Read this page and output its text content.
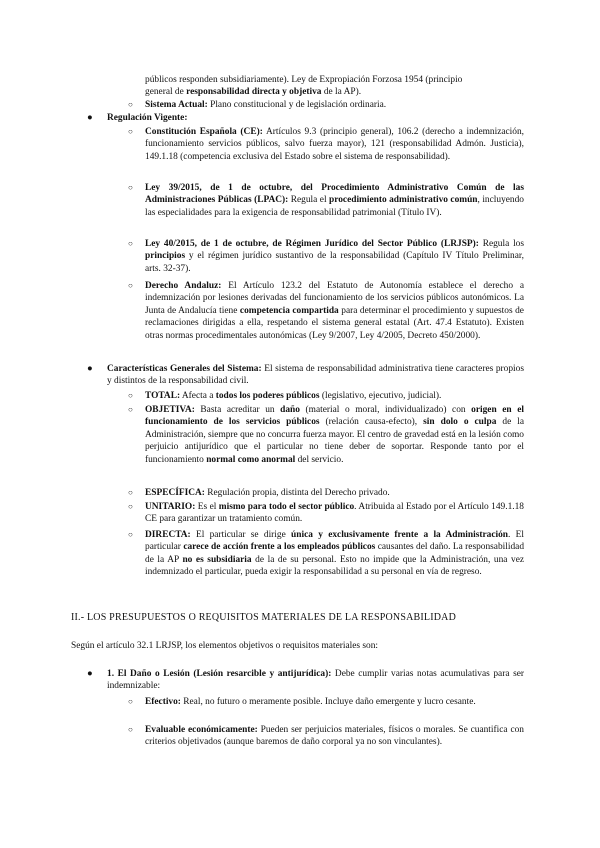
públicos responden subsidiariamente). Ley de Expropiación Forzosa 1954 (principio
general de responsabilidad directa y objetiva de la AP).

○ Sistema Actual: Plano constitucional y de legislación ordinaria.
● Regulación Vigente:
○ Constitución Española (CE): Artículos 9.3 (principio general), 106.2 (derecho a indemnización, funcionamiento servicios públicos, salvo fuerza mayor), 121 (responsabilidad Admón. Justicia), 149.1.18 (competencia exclusiva del Estado sobre el sistema de responsabilidad).
○ Ley 39/2015, de 1 de octubre, del Procedimiento Administrativo Común de las Administraciones Públicas (LPAC): Regula el procedimiento administrativo común, incluyendo las especialidades para la exigencia de responsabilidad patrimonial (Título IV).
○ Ley 40/2015, de 1 de octubre, de Régimen Jurídico del Sector Público (LRJSP): Regula los principios y el régimen jurídico sustantivo de la responsabilidad (Capítulo IV Título Preliminar, arts. 32-37).
○ Derecho Andaluz: El Artículo 123.2 del Estatuto de Autonomía establece el derecho a indemnización por lesiones derivadas del funcionamiento de los servicios públicos autonómicos. La Junta de Andalucía tiene competencia compartida para determinar el procedimiento y supuestos de reclamaciones dirigidas a ella, respetando el sistema general estatal (Art. 47.4 Estatuto). Existen otras normas procedimentales autonómicas (Ley 9/2007, Ley 4/2005, Decreto 450/2000).
● Características Generales del Sistema: El sistema de responsabilidad administrativa tiene caracteres propios y distintos de la responsabilidad civil.
○ TOTAL: Afecta a todos los poderes públicos (legislativo, ejecutivo, judicial).
○ OBJETIVA: Basta acreditar un daño (material o moral, individualizado) con origen en el funcionamiento de los servicios públicos (relación causa-efecto), sin dolo o culpa de la Administración, siempre que no concurra fuerza mayor. El centro de gravedad está en la lesión como perjuicio antijurídico que el particular no tiene deber de soportar. Responde tanto por el funcionamiento normal como anormal del servicio.
○ ESPECÍFICA: Regulación propia, distinta del Derecho privado.
○ UNITARIO: Es el mismo para todo el sector público. Atribuida al Estado por el Artículo 149.1.18 CE para garantizar un tratamiento común.
○ DIRECTA: El particular se dirige única y exclusivamente frente a la Administración. El particular carece de acción frente a los empleados públicos causantes del daño. La responsabilidad de la AP no es subsidiaria de la de su personal. Esto no impide que la Administración, una vez indemnizado el particular, pueda exigir la responsabilidad a su personal en vía de regreso.
II.- LOS PRESUPUESTOS O REQUISITOS MATERIALES DE LA RESPONSABILIDAD
Según el artículo 32.1 LRJSP, los elementos objetivos o requisitos materiales son:
● 1. El Daño o Lesión (Lesión resarcible y antijurídica): Debe cumplir varias notas acumulativas para ser indemnizable:
○ Efectivo: Real, no futuro o meramente posible. Incluye daño emergente y lucro cesante.
○ Evaluable económicamente: Pueden ser perjuicios materiales, físicos o morales. Se cuantifica con criterios objetivados (aunque baremos de daño corporal ya no son vinculantes).
